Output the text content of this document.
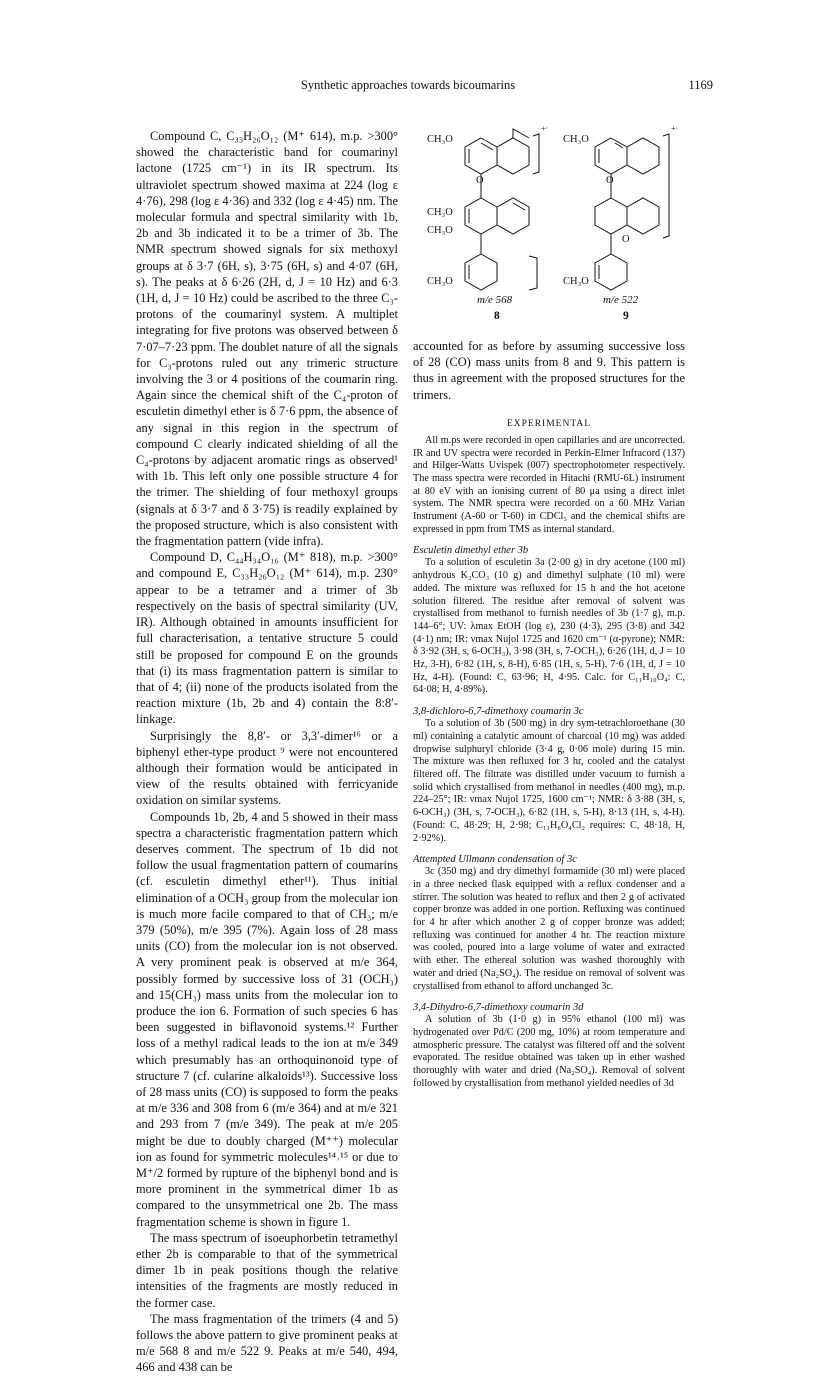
Synthetic approaches towards bicoumarins	1169

Compound C, C₃₃H₂₆O₁₂ (M⁺ 614), m.p. >300° showed the characteristic band for coumarinyl lactone (1725 cm⁻¹) in its IR spectrum. Its ultraviolet spectrum showed maxima at 224 (log ε 4·76), 298 (log ε 4·36) and 332 (log ε 4·45) nm. The molecular formula and spectral similarity with 1b, 2b and 3b indicated it to be a trimer of 3b. The NMR spectrum showed signals for six methoxyl groups at δ 3·7 (6H, s), 3·75 (6H, s) and 4·07 (6H, s). The peaks at δ 6·26 (2H, d, J = 10 Hz) and 6·3 (1H, d, J = 10 Hz) could be ascribed to the three C₃-protons of the coumarinyl system. A multiplet integrating for five protons was observed between δ 7·07–7·23 ppm. The doublet nature of all the signals for C₃-protons ruled out any trimeric structure involving the 3 or 4 positions of the coumarin ring. Again since the chemical shift of the C₄-proton of esculetin dimethyl ether is δ 7·6 ppm, the absence of any signal in this region in the spectrum of compound C clearly indicated shielding of all the C₄-protons by adjacent aromatic rings as observed¹ with 1b. This left only one possible structure 4 for the trimer. The shielding of four methoxyl groups (signals at δ 3·7 and δ 3·75) is readily explained by the proposed structure, which is also consistent with the fragmentation pattern (vide infra).

Compound D, C₄₄H₃₄O₁₆ (M⁺ 818), m.p. >300° and compound E, C₃₃H₂₆O₁₂ (M⁺ 614), m.p. 230° appear to be a tetramer and a trimer of 3b respectively on the basis of spectral similarity (UV, IR). Although obtained in amounts insufficient for full characterisation, a tentative structure 5 could still be proposed for compound E on the grounds that (i) its mass fragmentation pattern is similar to that of 4; (ii) none of the products isolated from the reaction mixture (1b, 2b and 4) contain the 8:8′-linkage.

Surprisingly the 8,8′- or 3,3′-dimer¹⁶ or a biphenyl ether-type product ⁹ were not encountered although their formation would be anticipated in view of the results obtained with ferricyanide oxidation on similar systems.

Compounds 1b, 2b, 4 and 5 showed in their mass spectra a characteristic fragmentation pattern which deserves comment. The spectrum of 1b did not follow the usual fragmentation pattern of coumarins (cf. esculetin dimethyl ether¹¹). Thus initial elimination of a OCH₃ group from the molecular ion is much more facile compared to that of CH₃; m/e 379 (50%), m/e 395 (7%). Again loss of 28 mass units (CO) from the molecular ion is not observed. A very prominent peak is observed at m/e 364, possibly formed by successive loss of 31 (OCH₃) and 15(CH₃) mass units from the molecular ion to produce the ion 6. Formation of such species 6 has been suggested in biflavonoid systems.¹² Further loss of a methyl radical leads to the ion at m/e 349 which presumably has an orthoquinonoid type of structure 7 (cf. cularine alkaloids¹³). Successive loss of 28 mass units (CO) is supposed to form the peaks at m/e 336 and 308 from 6 (m/e 364) and at m/e 321 and 293 from 7 (m/e 349). The peak at m/e 205 might be due to doubly charged (M⁺⁺) molecular ion as found for symmetric molecules¹⁴˒¹⁵ or due to M⁺/2 formed by rupture of the biphenyl bond and is more prominent in the symmetrical dimer 1b as compared to the unsymmetrical one 2b. The mass fragmentation scheme is shown in figure 1.

The mass spectrum of isoeuphorbetin tetramethyl ether 2b is comparable to that of the symmetrical dimer 1b in peak positions though the relative intensities of the fragments are mostly reduced in the former case.

The mass fragmentation of the trimers (4 and 5) follows the above pattern to give prominent peaks at m/e 568 8 and m/e 522 9. Peaks at m/e 540, 494, 466 and 438 can be

CH₃O
+·
O
CH₃O
CH₃O
CH₃O
m/e 568
8
CH₃O
+·
O
O
CH₃O
m/e 522
9

accounted for as before by assuming successive loss of 28 (CO) mass units from 8 and 9. This pattern is thus in agreement with the proposed structures for the trimers.

EXPERIMENTAL

All m.ps were recorded in open capillaries and are uncorrected. IR and UV spectra were recorded in Perkin-Elmer Infracord (137) and Hilger-Watts Uvispek (007) spectrophotometer respectively. The mass spectra were recorded in Hitachi (RMU-6L) instrument at 80 eV with an ionising current of 80 μa using a direct inlet system. The NMR spectra were recorded on a 60 MHz Varian Instrument (A-60 or T-60) in CDCl₃ and the chemical shifts are expressed in ppm from TMS as internal standard.

Esculetin dimethyl ether 3b

To a solution of esculetin 3a (2·00 g) in dry acetone (100 ml) anhydrous K₂CO₃ (10 g) and dimethyl sulphate (10 ml) were added. The mixture was refluxed for 15 h and the hot acetone solution filtered. The residue after removal of solvent was crystallised from methanol to furnish needles of 3b (1·7 g), m.p. 144–6°; UV: λmax EtOH (log ε), 230 (4·3), 295 (3·8) and 342 (4·1) nm; IR: νmax Nujol 1725 and 1620 cm⁻¹ (α-pyrone); NMR: δ 3·92 (3H, s, 6-OCH₃), 3·98 (3H, s, 7-OCH₃), 6·26 (1H, d, J = 10 Hz, 3-H), 6·82 (1H, s, 8-H), 6·85 (1H, s, 5-H), 7·6 (1H, d, J = 10 Hz, 4-H). (Found: C, 63·96; H, 4·95. Calc. for C₁₁H₁₀O₄: C, 64·08; H, 4·89%).

3,8-dichloro-6,7-dimethoxy coumarin 3c

To a solution of 3b (500 mg) in dry sym-tetrachloroethane (30 ml) containing a catalytic amount of charcoal (10 mg) was added dropwise sulphuryl chloride (3·4 g, 0·06 mole) during 15 min. The mixture was then refluxed for 3 hr, cooled and the catalyst filtered off. The filtrate was distilled under vacuum to furnish a solid which crystallised from methanol in needles (400 mg), m.p. 224–25°; IR: νmax Nujol 1725, 1600 cm⁻¹; NMR: δ 3·88 (3H, s, 6-OCH₃) (3H, s, 7-OCH₃), 6·82 (1H, s, 5-H), 8·13 (1H, s, 4-H). (Found: C, 48·29; H, 2·98; C₁₁H₈O₄Cl₂ requires: C, 48·18, H, 2·92%).

Attempted Ullmann condensation of 3c

3c (350 mg) and dry dimethyl formamide (30 ml) were placed in a three necked flask equipped with a reflux condenser and a stirrer. The solution was heated to reflux and then 2 g of activated copper bronze was added in one portion. Refluxing was continued for 4 hr after which another 2 g of copper bronze was added; refluxing was continued for another 4 hr. The reaction mixture was cooled, poured into a large volume of water and extracted with ether. The ethereal solution was washed thoroughly with water and dried (Na₂SO₄). The residue on removal of solvent was crystallised from ethanol to afford unchanged 3c.

3,4-Dihydro-6,7-dimethoxy coumarin 3d

A solution of 3b (1·0 g) in 95% ethanol (100 ml) was hydrogenated over Pd/C (200 mg, 10%) at room temperature and atmospheric pressure. The catalyst was filtered off and the solvent evaporated. The residue obtained was taken up in ether washed thoroughly with water and dried (Na₂SO₄). Removal of solvent followed by crystallisation from methanol yielded needles of 3d
